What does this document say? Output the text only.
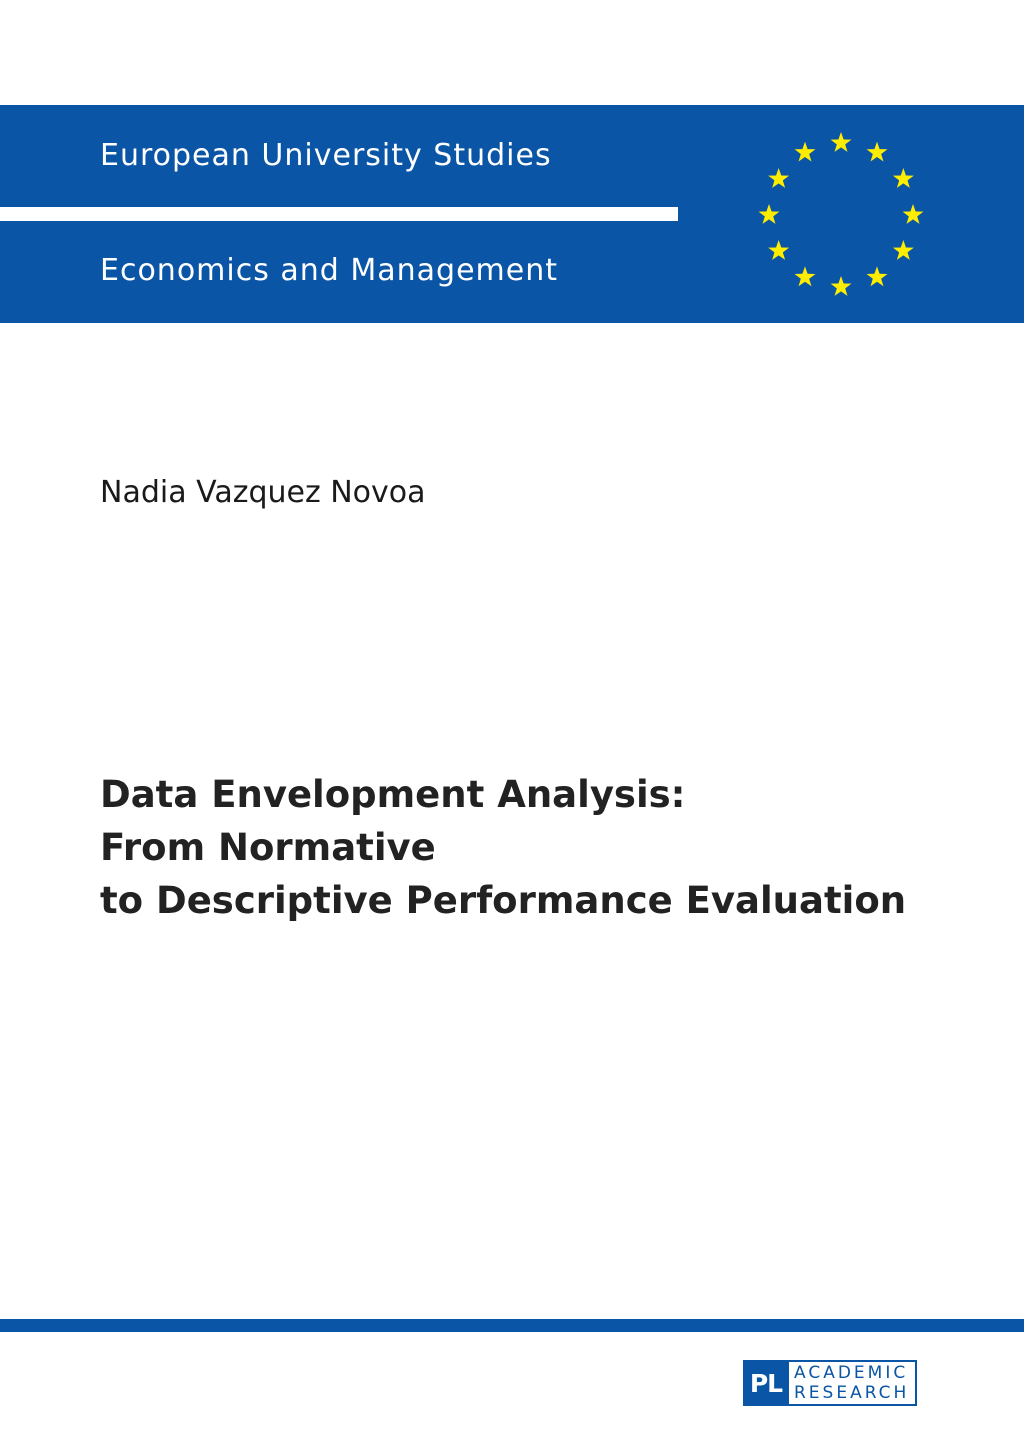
European University Studies
Economics and Management
Nadia Vazquez Novoa
Data Envelopment Analysis:
From Normative
to Descriptive Performance Evaluation
PL ACADEMIC
RESEARCH
